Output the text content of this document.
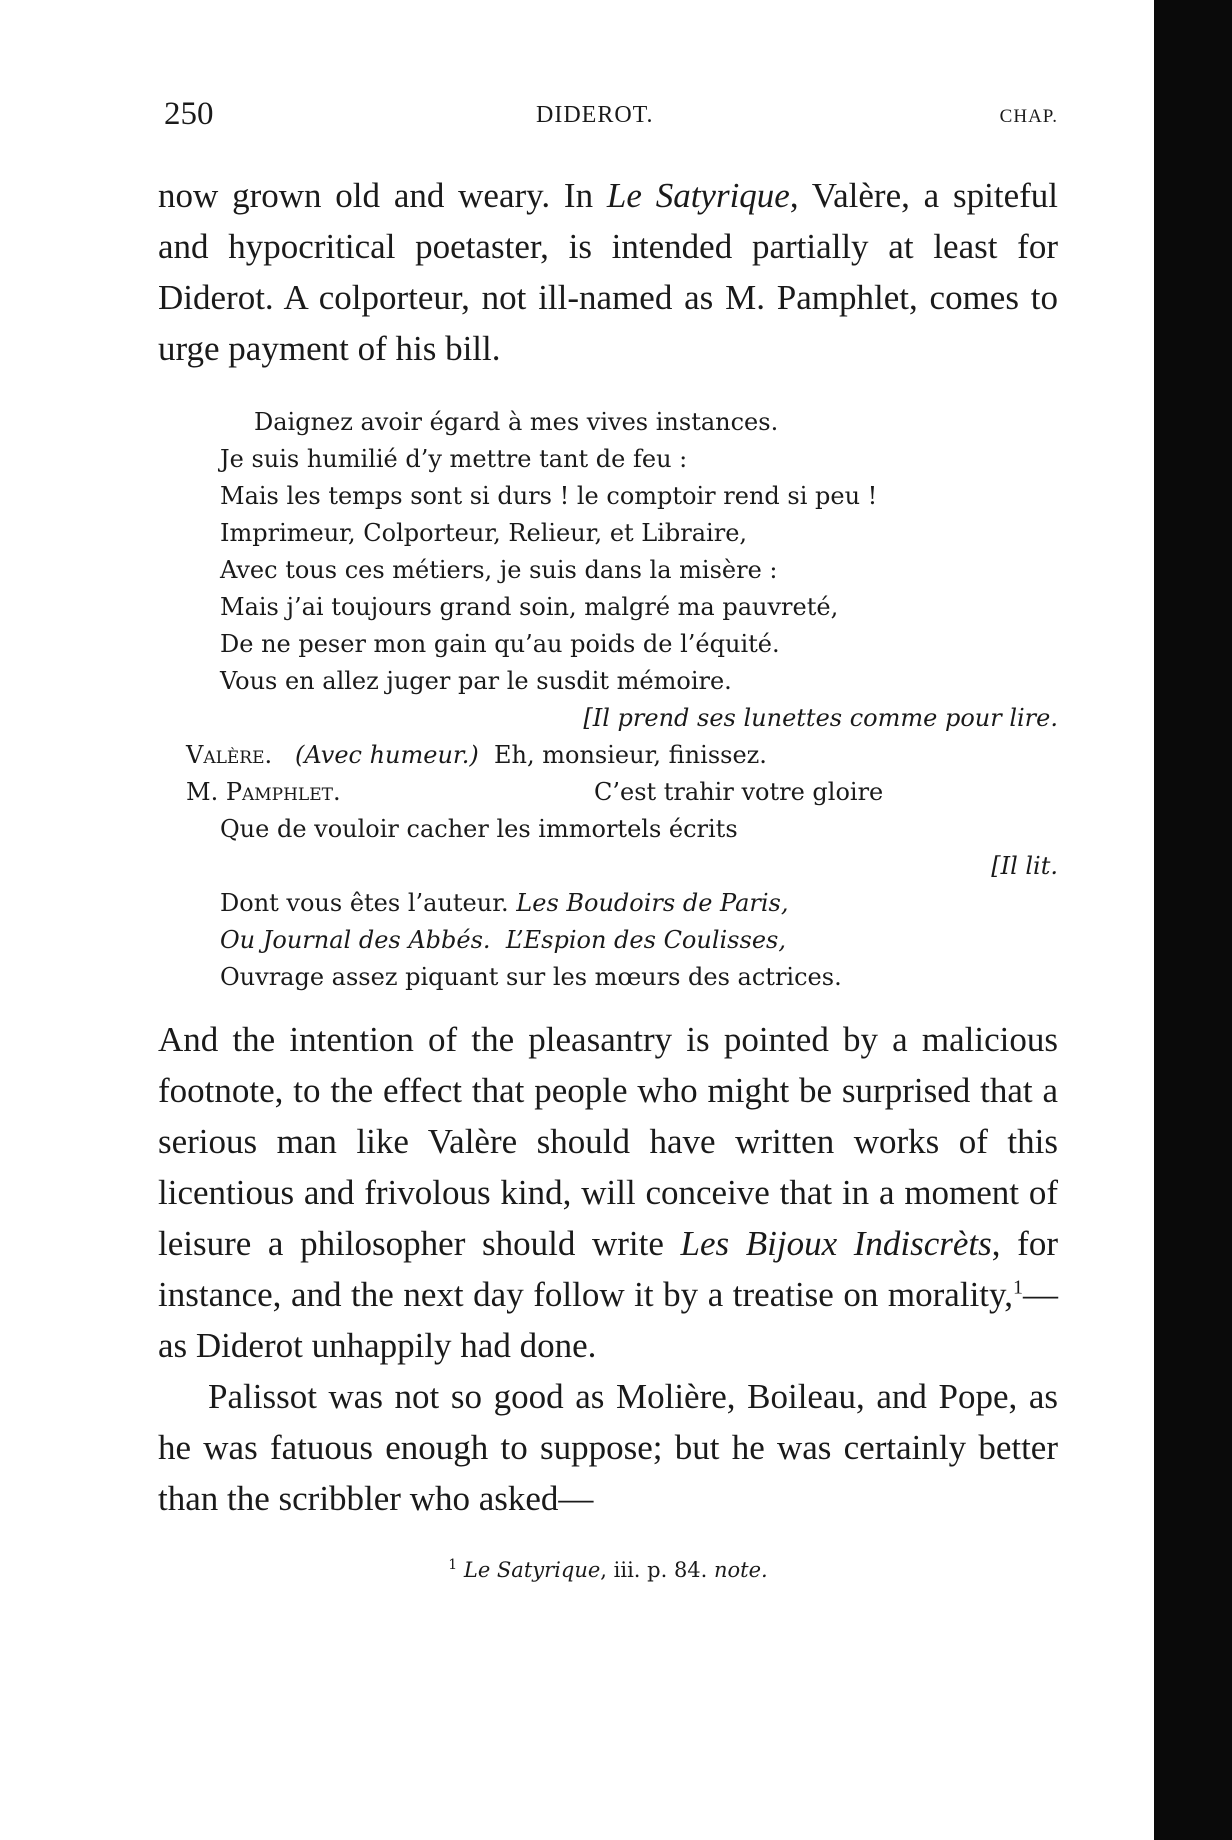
250	DIDEROT.	CHAP.

now grown old and weary. In Le Satyrique, Valère, a spiteful and hypocritical poetaster, is intended partially at least for Diderot. A colporteur, not ill-named as M. Pamphlet, comes to urge payment of his bill.

Daignez avoir égard à mes vives instances.
Je suis humilié d’y mettre tant de feu :
Mais les temps sont si durs ! le comptoir rend si peu !
Imprimeur, Colporteur, Relieur, et Libraire,
Avec tous ces métiers, je suis dans la misère :
Mais j’ai toujours grand soin, malgré ma pauvreté,
De ne peser mon gain qu’au poids de l’équité.
Vous en allez juger par le susdit mémoire.
[Il prend ses lunettes comme pour lire.
Valère. (Avec humeur.) Eh, monsieur, finissez.
M. Pamphlet.	C’est trahir votre gloire
Que de vouloir cacher les immortels écrits
[Il lit.
Dont vous êtes l’auteur. Les Boudoirs de Paris,
Ou Journal des Abbés. L’Espion des Coulisses,
Ouvrage assez piquant sur les mœurs des actrices.

And the intention of the pleasantry is pointed by a malicious footnote, to the effect that people who might be surprised that a serious man like Valère should have written works of this licentious and frivolous kind, will conceive that in a moment of leisure a philosopher should write Les Bijoux Indiscrèts, for instance, and the next day follow it by a treatise on morality,$^1$—as Diderot unhappily had done.

Palissot was not so good as Molière, Boileau, and Pope, as he was fatuous enough to suppose; but he was certainly better than the scribbler who asked—

$^1$ Le Satyrique, iii. p. 84. note.
